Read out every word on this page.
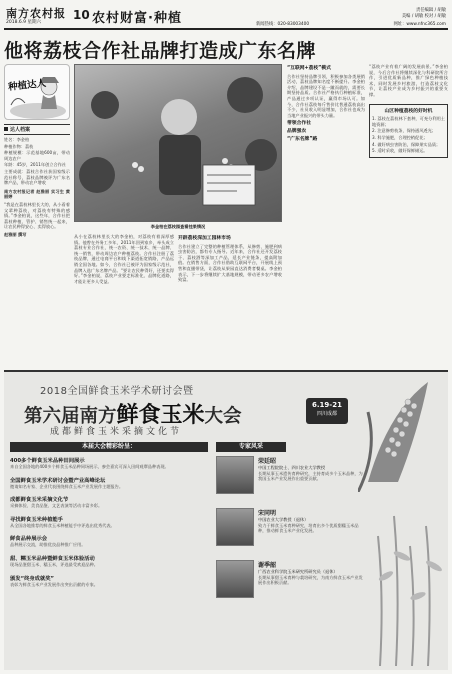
南方农村报
2018.6.9 星期六
10 农村财富·种植
责任编辑 / 胡敏
美编 / 胡敏 校对 / 胡敏
新闻热线：020-83003400	网址：www.nfnc365.com
他将荔枝合作社品牌打造成广东名牌
种植达人
达人档案

姓名：李金柏

种植作物：荔枝

种植规模：示范基地600亩，带动周边农户

年龄：45岁，2011年创立合作社

主要成就：荔枝合作社获国家级示范社称号，荔枝品牌被评为广东名牌产品，带动农户增收

南方农村报记者 赵雅丽 实习生 黄丽婷
“我是在荔枝林里长大的，从小看着父辈种荔枝，对荔枝有特殊的感情。”李金柏说，这些年，合作社把荔枝种植、管护、销售统一起来，让农民种得安心、卖得放心。
赵雅丽 撰写
李金柏在荔枝园查看挂果情况
从小在荔枝林里长大的李金柏，对荔枝有着深厚感情。他曾在外务工多年，2011年回到家乡，牵头成立荔枝专业合作社，统一农资、统一技术、统一品牌、统一销售，带动周边农户种植荔枝。合作社注册了荔枝品牌，通过电商平台和线下渠道拓宽销路，产品远销全国各地。如今，合作社已被评为国家级示范社，品牌入选广东名牌产品。“要让农民种得好，还要卖得好。”李金柏说，荔枝产业要走标准化、品牌化道路，才能让更多人受益。
开辟荔枝深加工园林市场
合作社建立了完整的种植管理体系，从修剪、施肥到病虫害防治，都有专人指导。近年来，合作社还开发荔枝干、荔枝酒等深加工产品，延长产业链条，提高附加值。在销售方面，合作社借助互联网平台，开展线上预售和直播带货，让荔枝从果园直达消费者餐桌。李金柏表示，下一步将继续扩大基地规模，带动更多农户增收致富。
“互联网+荔枝”模式
合作社坚持品牌引领，积极参加各类展销活动，荔枝品牌知名度不断提升。李金柏介绍，品牌建设不是一蹴而就的，需要长期坚持品质。合作社严格执行种植标准，产品通过多项认证，赢得市场认可。如今，合作社荔枝每斤售价比普通荔枝高出不少，社员收入明显增加，合作社也成为当地产业振兴的带头力量。
带领合作社
品牌强农
“广东名牌”路
“荔枝产业有着广阔的发展前景。”李金柏说，今后合作社将继续深化与科研院所合作，引进优质新品种，推广绿色种植技术，同时发展乡村旅游，打造荔枝文化节，让荔枝产业成为乡村振兴的重要支撑。
山区种植荔枝的好时机

1. 荔枝在荔枝林下套种，可充分利用土地资源；

2. 注意修剪枝条，保持通风透光；

3. 科学施肥，合理控梢促花；

4. 做好病虫害防治，保障果实品质；

5. 适时采收，做好保鲜储运。

2018全国鲜食玉米学术研讨会暨
第六届南方鲜食玉米大会
6.19-21
四川成都
成都鲜食玉米采摘文化节
本届大会精彩纷呈：
400多个鲜食玉米品种田间展示
来自全国各地的400多个鲜食玉米品种同场展示，参会嘉宾可深入田间观摩品种表现。
全国鲜食玉米学术研讨会暨产业高峰论坛
邀请知名专家、企业代表围绕鲜食玉米产业发展作主题报告。
成都鲜食玉米采摘文化节
采摘体验、美食品鉴、文艺表演等活动丰富多彩。
寻找鲜食玉米种植能手
从全国各地推荐的鲜食玉米种植能手中评选出优秀代表。
鲜食品种展示会
品种展示交流，助推优良品种推广应用。
甜、糯玉米品种暨鲜食玉米体验活动
现场品鉴甜玉米、糯玉米，评选最受欢迎品种。
颁发“终身成就奖”
表彰为鲜食玉米产业发展作出突出贡献的专家。
专家风采
荣廷昭
中国工程院院士、四川农业大学教授
长期从事玉米遗传育种研究，主持育成多个玉米品种，为我国玉米产业发展作出重要贡献。
宋同明
中国农业大学教授（退休）
致力于鲜食玉米育种研究，培育出多个优质甜糯玉米品种，推动鲜食玉米产业化发展。
谢季韶
广西农业科学院玉米研究所研究员（退休）
长期从事甜玉米育种与栽培研究，为南方鲜食玉米产业发展作出积极贡献。
